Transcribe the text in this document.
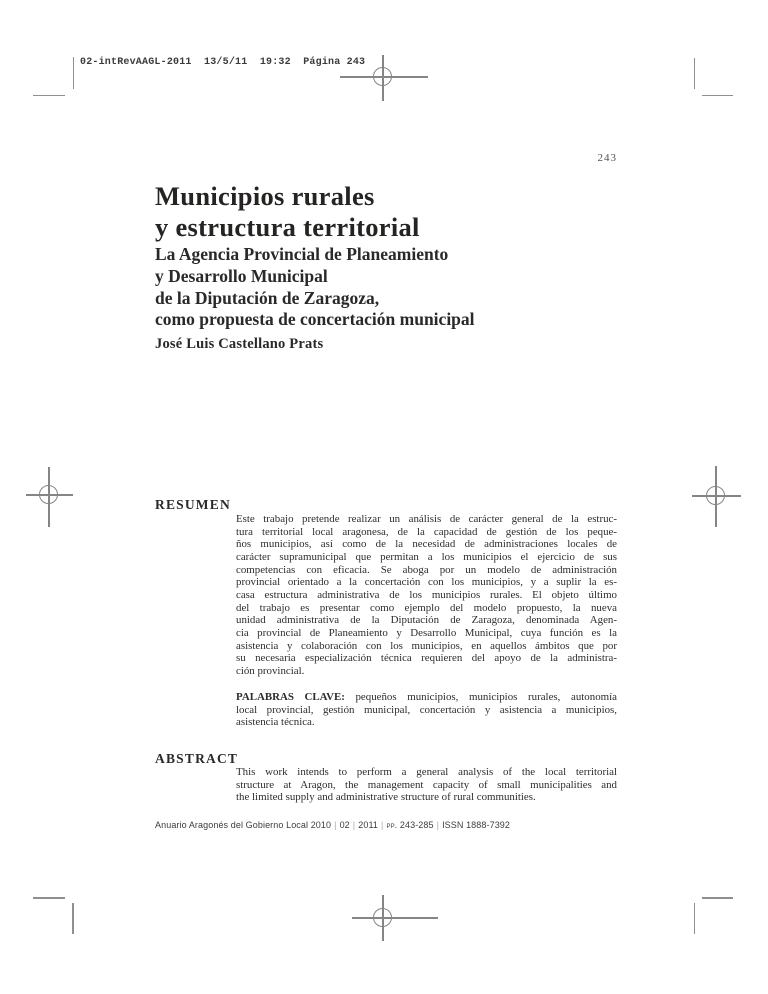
02-intRevAAGL-2011  13/5/11  19:32  Página 243
243
Municipios rurales
y estructura territorial
La Agencia Provincial de Planeamiento
y Desarrollo Municipal
de la Diputación de Zaragoza,
como propuesta de concertación municipal
José Luis Castellano Prats
RESUMEN
Este trabajo pretende realizar un análisis de carácter general de la estruc-
tura territorial local aragonesa, de la capacidad de gestión de los peque-
ños municipios, así como de la necesidad de administraciones locales de
carácter supramunicipal que permitan a los municipios el ejercicio de sus
competencias con eficacia. Se aboga por un modelo de administración
provincial orientado a la concertación con los municipios, y a suplir la es-
casa estructura administrativa de los municipios rurales. El objeto último
del trabajo es presentar como ejemplo del modelo propuesto, la nueva
unidad administrativa de la Diputación de Zaragoza, denominada Agen-
cia provincial de Planeamiento y Desarrollo Municipal, cuya función es la
asistencia y colaboración con los municipios, en aquellos ámbitos que por
su necesaria especialización técnica requieren del apoyo de la administra-
ción provincial.
PALABRAS CLAVE: pequeños municipios, municipios rurales, autonomía
local provincial, gestión municipal, concertación y asistencia a municipios,
asistencia técnica.
ABSTRACT
This work intends to perform a general analysis of the local territorial
structure at Aragon, the management capacity of small municipalities and
the limited supply and administrative structure of rural communities.
Anuario Aragonés del Gobierno Local 2010 | 02 | 2011 | pp. 243-285 | ISSN 1888-7392
